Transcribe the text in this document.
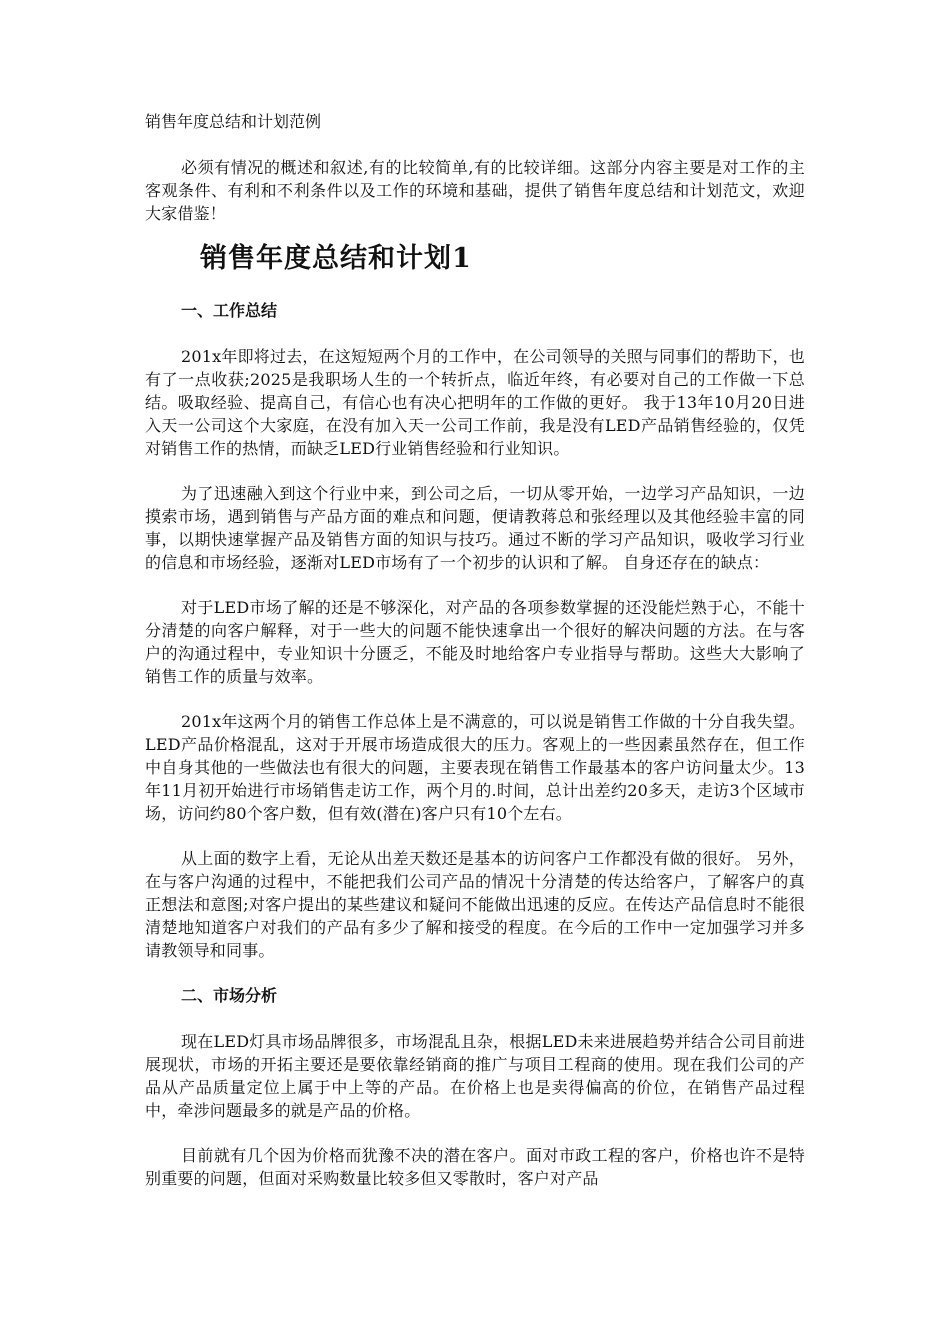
销售年度总结和计划范例

必须有情况的概述和叙述,有的比较简单,有的比较详细。这部分内容主要是对工作的主客观条件、有利和不利条件以及工作的环境和基础，提供了销售年度总结和计划范文，欢迎大家借鉴！

销售年度总结和计划1
一、工作总结

201x年即将过去，在这短短两个月的工作中，在公司领导的关照与同事们的帮助下，也有了一点收获;2025是我职场人生的一个转折点，临近年终，有必要对自己的工作做一下总结。吸取经验、提高自己，有信心也有决心把明年的工作做的更好。 我于13年10月20日进入天一公司这个大家庭，在没有加入天一公司工作前，我是没有LED产品销售经验的，仅凭对销售工作的热情，而缺乏LED行业销售经验和行业知识。

为了迅速融入到这个行业中来，到公司之后，一切从零开始，一边学习产品知识，一边摸索市场，遇到销售与产品方面的难点和问题，便请教蒋总和张经理以及其他经验丰富的同事，以期快速掌握产品及销售方面的知识与技巧。通过不断的学习产品知识，吸收学习行业的信息和市场经验，逐渐对LED市场有了一个初步的认识和了解。 自身还存在的缺点：

对于LED市场了解的还是不够深化，对产品的各项参数掌握的还没能烂熟于心，不能十分清楚的向客户解释，对于一些大的问题不能快速拿出一个很好的解决问题的方法。在与客户的沟通过程中，专业知识十分匮乏，不能及时地给客户专业指导与帮助。这些大大影响了销售工作的质量与效率。

201x年这两个月的销售工作总体上是不满意的，可以说是销售工作做的十分自我失望。LED产品价格混乱，这对于开展市场造成很大的压力。客观上的一些因素虽然存在，但工作中自身其他的一些做法也有很大的问题，主要表现在销售工作最基本的客户访问量太少。13年11月初开始进行市场销售走访工作，两个月的.时间，总计出差约20多天，走访3个区域市场，访问约80个客户数，但有效(潜在)客户只有10个左右。

从上面的数字上看，无论从出差天数还是基本的访问客户工作都没有做的很好。 另外，在与客户沟通的过程中，不能把我们公司产品的情况十分清楚的传达给客户，了解客户的真正想法和意图;对客户提出的某些建议和疑问不能做出迅速的反应。在传达产品信息时不能很清楚地知道客户对我们的产品有多少了解和接受的程度。在今后的工作中一定加强学习并多请教领导和同事。

二、市场分析

现在LED灯具市场品牌很多，市场混乱且杂，根据LED未来进展趋势并结合公司目前进展现状，市场的开拓主要还是要依靠经销商的推广与项目工程商的使用。现在我们公司的产品从产品质量定位上属于中上等的产品。在价格上也是卖得偏高的价位，在销售产品过程中，牵涉问题最多的就是产品的价格。

目前就有几个因为价格而犹豫不决的潜在客户。面对市政工程的客户，价格也许不是特别重要的问题，但面对采购数量比较多但又零散时，客户对产品
